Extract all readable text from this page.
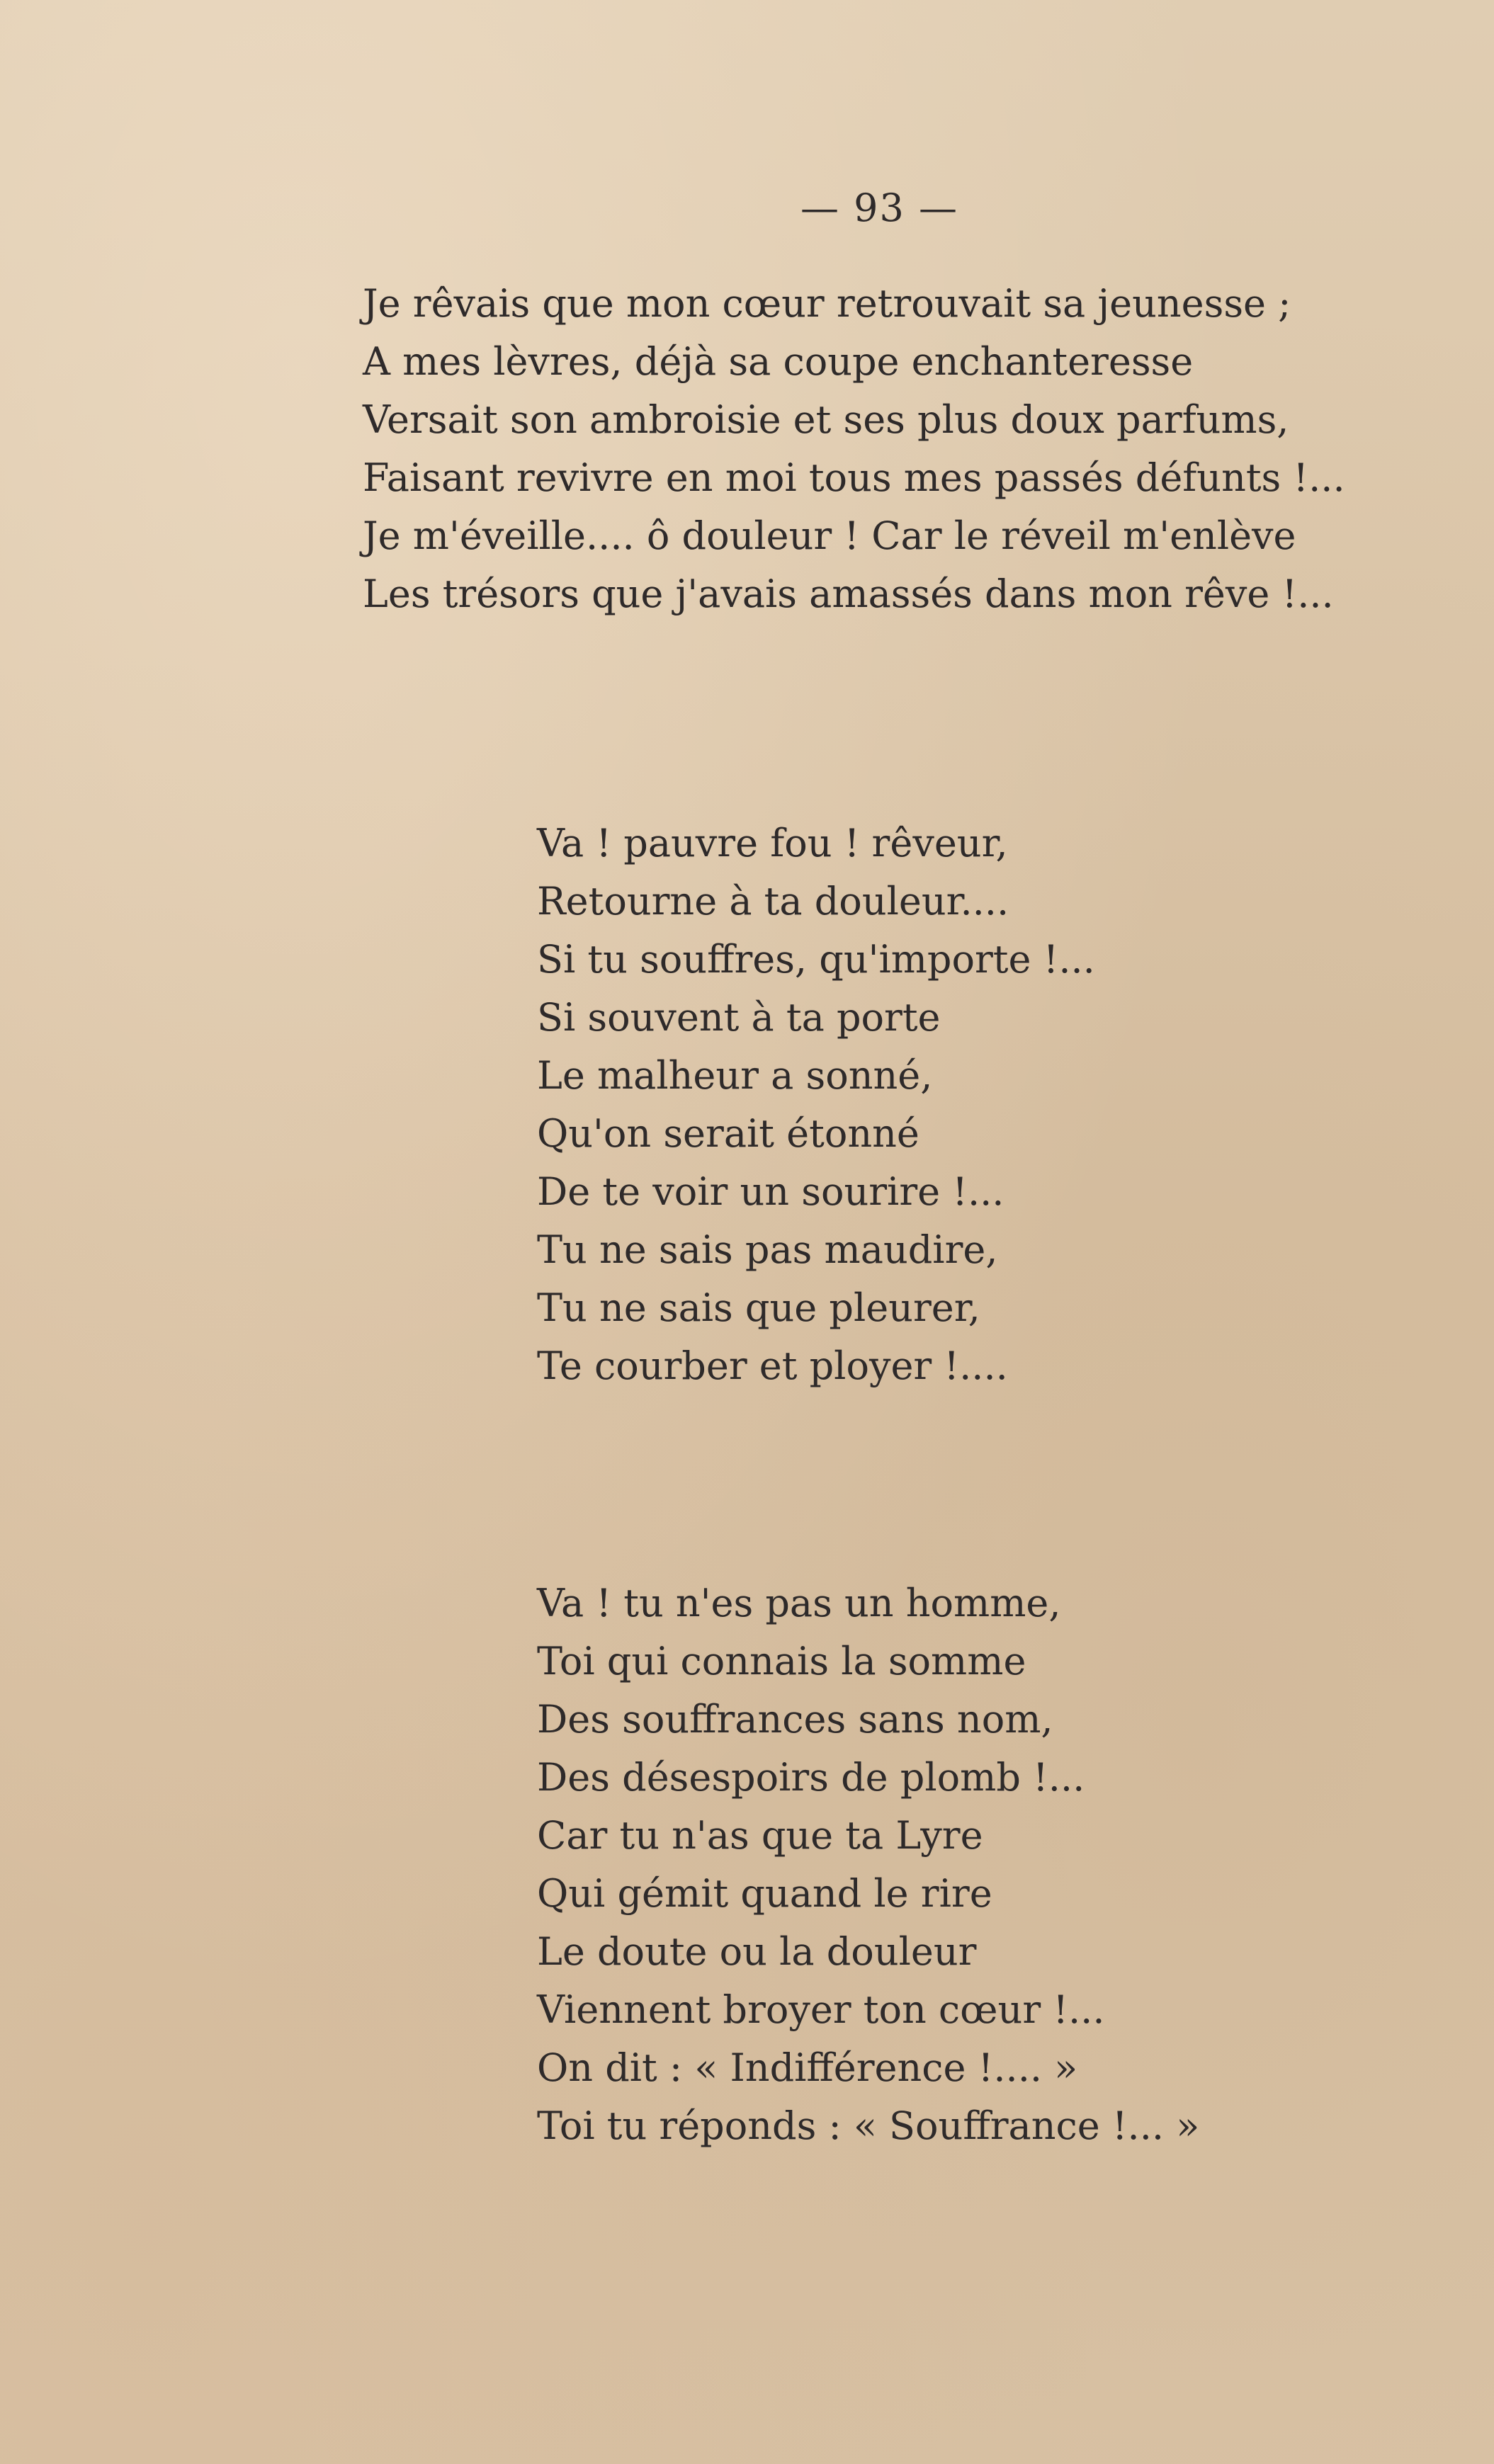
— 93 —
Je rêvais que mon cœur retrouvait sa jeunesse ;
A mes lèvres, déjà sa coupe enchanteresse
Versait son ambroisie et ses plus doux parfums,
Faisant revivre en moi tous mes passés défunts !...
Je m'éveille.... ô douleur ! Car le réveil m'enlève
Les trésors que j'avais amassés dans mon rêve !...
Va ! pauvre fou ! rêveur,
Retourne à ta douleur....
Si tu souffres, qu'importe !...
Si souvent à ta porte
Le malheur a sonné,
Qu'on serait étonné
De te voir un sourire !...
Tu ne sais pas maudire,
Tu ne sais que pleurer,
Te courber et ployer !....
Va ! tu n'es pas un homme,
Toi qui connais la somme
Des souffrances sans nom,
Des désespoirs de plomb !...
Car tu n'as que ta Lyre
Qui gémit quand le rire
Le doute ou la douleur
Viennent broyer ton cœur !...
On dit : « Indifférence !.... »
Toi tu réponds : « Souffrance !... »
